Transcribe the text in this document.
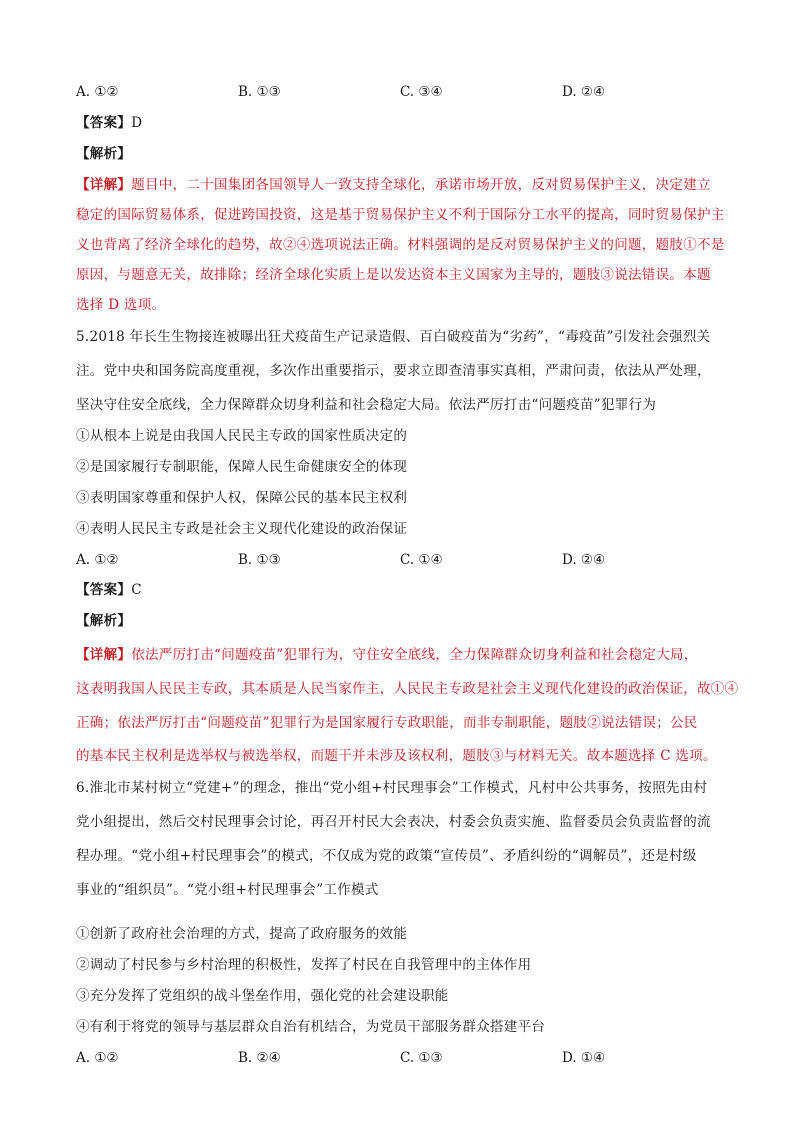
A. ①②	B. ①③	C. ③④	D. ②④
【答案】D
【解析】
【详解】题目中，二十国集团各国领导人一致支持全球化，承诺市场开放，反对贸易保护主义，决定建立
稳定的国际贸易体系，促进跨国投资，这是基于贸易保护主义不利于国际分工水平的提高，同时贸易保护主
义也背离了经济全球化的趋势，故②④选项说法正确。材料强调的是反对贸易保护主义的问题，题肢①不是
原因，与题意无关，故排除；经济全球化实质上是以发达资本主义国家为主导的，题肢③说法错误。本题
选择 D 选项。
5.2018 年长生生物接连被曝出狂犬疫苗生产记录造假、百白破疫苗为“劣药”，“毒疫苗”引发社会强烈关
注。党中央和国务院高度重视，多次作出重要指示，要求立即查清事实真相，严肃问责，依法从严处理，
坚决守住安全底线，全力保障群众切身利益和社会稳定大局。依法严厉打击“问题疫苗”犯罪行为
①从根本上说是由我国人民民主专政的国家性质决定的
②是国家履行专制职能，保障人民生命健康安全的体现
③表明国家尊重和保护人权，保障公民的基本民主权利
④表明人民民主专政是社会主义现代化建设的政治保证
A. ①②	B. ①③	C. ①④	D. ②④
【答案】C
【解析】
【详解】依法严厉打击“问题疫苗”犯罪行为，守住安全底线，全力保障群众切身利益和社会稳定大局，
这表明我国人民民主专政，其本质是人民当家作主，人民民主专政是社会主义现代化建设的政治保证，故①④
正确；依法严厉打击“问题疫苗”犯罪行为是国家履行专政职能，而非专制职能，题肢②说法错误；公民
的基本民主权利是选举权与被选举权，而题干并未涉及该权利，题肢③与材料无关。故本题选择 C 选项。
6.淮北市某村树立“党建+”的理念，推出“党小组+村民理事会”工作模式，凡村中公共事务，按照先由村
党小组提出，然后交村民理事会讨论，再召开村民大会表决，村委会负责实施、监督委员会负责监督的流
程办理。“党小组+村民理事会”的模式，不仅成为党的政策“宣传员”、矛盾纠纷的“调解员”，还是村级
事业的“组织员”。“党小组+村民理事会”工作模式
①创新了政府社会治理的方式，提高了政府服务的效能
②调动了村民参与乡村治理的积极性，发挥了村民在自我管理中的主体作用
③充分发挥了党组织的战斗堡垒作用，强化党的社会建设职能
④有利于将党的领导与基层群众自治有机结合，为党员干部服务群众搭建平台
A. ①②	B. ②④	C. ①③	D. ①④
